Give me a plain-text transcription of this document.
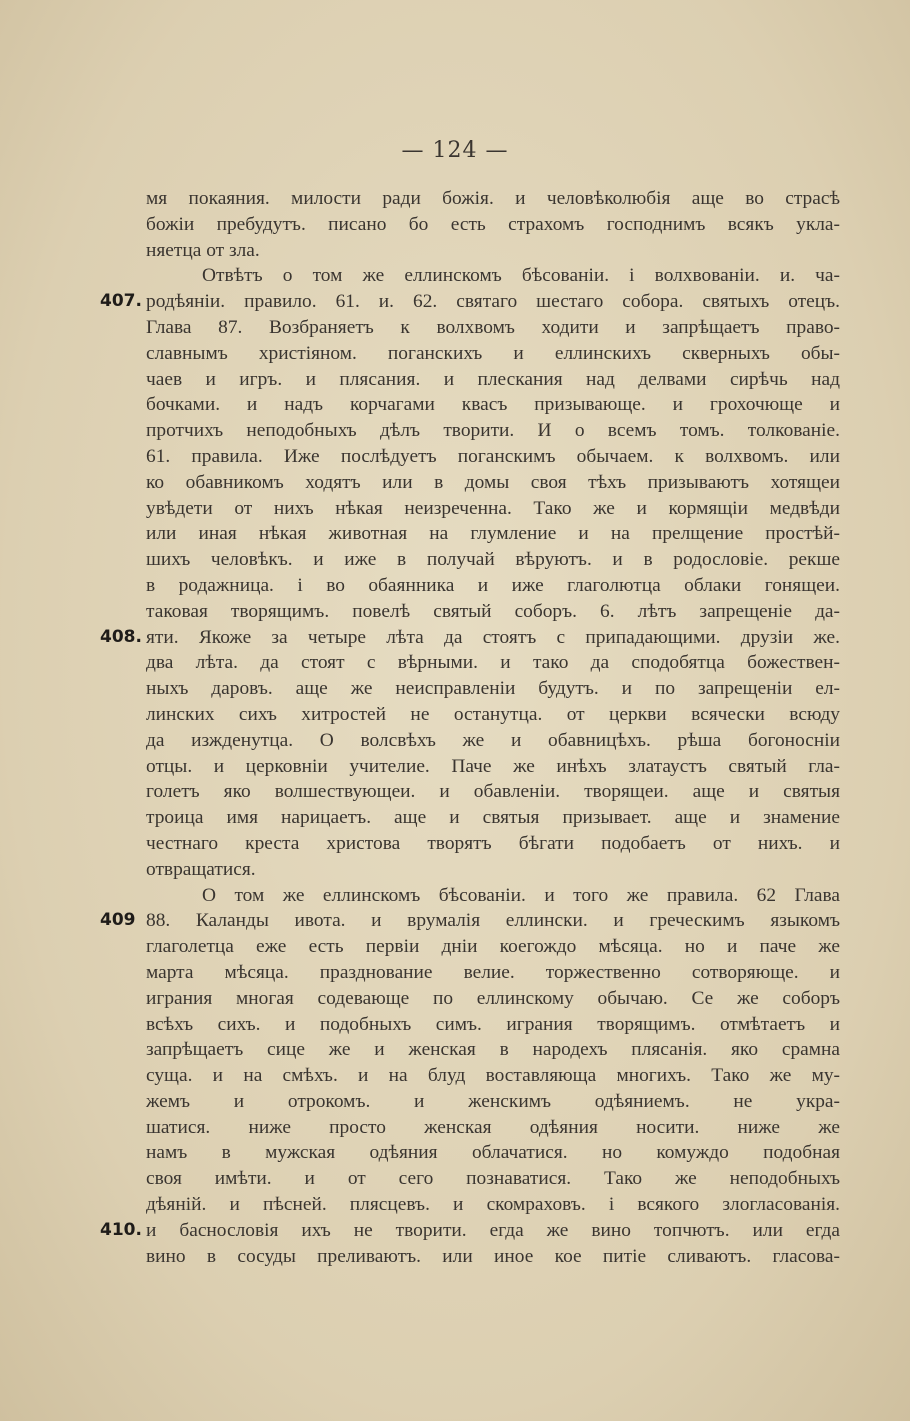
— 124 —
407.
408.
409
410.
мя покаяния. милости ради божія. и человѣколюбія аще во страсѣ
божіи пребудутъ. писано бо есть страхомъ господнимъ всякъ укла-
няетца от зла.
Отвѣтъ о том же еллинскомъ бѣсованіи. і волхвованіи. и. ча-
родѣяніи. правило. 61. и. 62. святаго шестаго собора. святыхъ отецъ.
Глава 87. Возбраняетъ к волхвомъ ходити и запрѣщаетъ право-
славнымъ христіяном. поганскихъ и еллинскихъ скверныхъ обы-
чаев и игръ. и плясания. и плескания над делвами сирѣчь над
бочками. и надъ корчагами квасъ призывающе. и грохочюще и
протчихъ неподобныхъ дѣлъ творити. И о всемъ томъ. толкованіе.
61. правила. Иже послѣдуетъ поганскимъ обычаем. к волхвомъ. или
ко обавникомъ ходятъ или в домы своя тѣхъ призываютъ хотящеи
увѣдети от нихъ нѣкая неизреченна. Тако же и кормящіи медвѣди
или иная нѣкая животная на глумление и на прелщение простѣй-
шихъ человѣкъ. и иже в получай вѣруютъ. и в родословіе. рекше
в родажница. і во обаянника и иже глаголютца облаки гонящеи.
таковая творящимъ. повелѣ святый соборъ. 6. лѣтъ запрещеніе да-
яти. Якоже за четыре лѣта да стоятъ с припадающими. друзіи же.
два лѣта. да стоят с вѣрными. и тако да сподобятца божествен-
ныхъ даровъ. аще же неисправленіи будутъ. и по запрещеніи ел-
линских сихъ хитростей не останутца. от церкви всячески всюду
да изжденутца. О волсвѣхъ же и обавницѣхъ. рѣша богоносніи
отцы. и церковніи учителие. Паче же инѣхъ златаустъ святый гла-
голетъ яко волшествующеи. и обавленіи. творящеи. аще и святыя
троица имя нарицаетъ. аще и святыя призывает. аще и знамение
честнаго креста христова творятъ бѣгати подобаетъ от нихъ. и
отвращатися.
О том же еллинскомъ бѣсованіи. и того же правила. 62 Глава
88. Каланды ивота. и врумалія еллински. и греческимъ языкомъ
глаголетца еже есть первіи дніи коегождо мѣсяца. но и паче же
марта мѣсяца. празднование велие. торжественно сотворяюще. и
играния многая содевающе по еллинскому обычаю. Се же соборъ
всѣхъ сихъ. и подобныхъ симъ. играния творящимъ. отмѣтаетъ и
запрѣщаетъ сице же и женская в народехъ плясанія. яко срамна
суща. и на смѣхъ. и на блуд воставляюща многихъ. Тако же му-
жемъ и отрокомъ. и женскимъ одѣяниемъ. не укра-
шатися. ниже просто женская одѣяния носити. ниже же
намъ в мужская одѣяния облачатися. но комуждо подобная
своя имѣти. и от сего познаватися. Тако же неподобныхъ
дѣяній. и пѣсней. плясцевъ. и скомраховъ. і всякого злогласованія.
и баснословія ихъ не творити. егда же вино топчютъ. или егда
вино в сосуды преливаютъ. или иное кое питіе сливаютъ. гласова-
